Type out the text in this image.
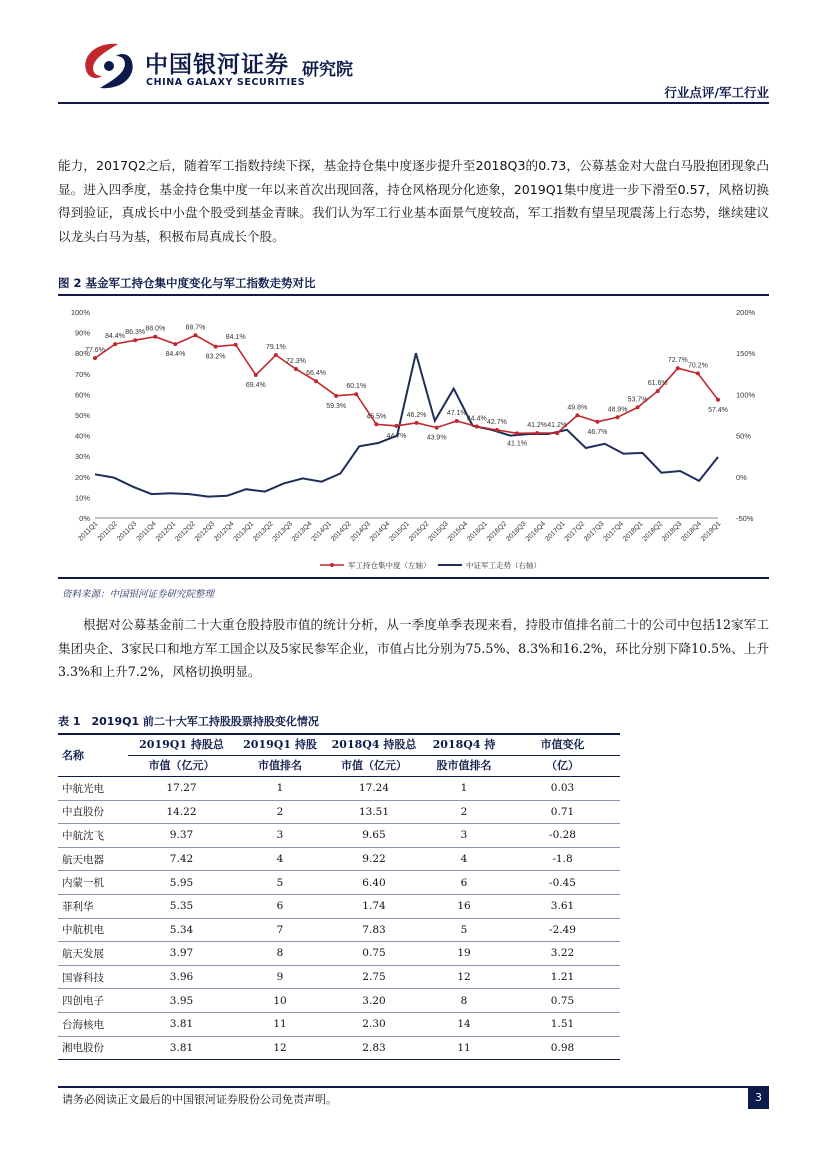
中国银河证券 研究院
CHINA GALAXY SECURITIES
行业点评/军工行业
能力，2017Q2之后，随着军工指数持续下探，基金持仓集中度逐步提升至2018Q3的0.73，公募基金对大盘白马股抱团现象凸显。进入四季度，基金持仓集中度一年以来首次出现回落，持仓风格现分化迹象，2019Q1集中度进一步下滑至0.57，风格切换得到验证，真成长中小盘个股受到基金青睐。我们认为军工行业基本面景气度较高，军工指数有望呈现震荡上行态势，继续建议以龙头白马为基，积极布局真成长个股。
图 2 基金军工持仓集中度变化与军工指数走势对比
0%
10%
20%
30%
40%
50%
60%
70%
80%
90%
100%
-50%
0%
50%
100%
150%
200%
2011Q1
2011Q2
2011Q3
2011Q4
2012Q1
2012Q2
2012Q3
2012Q4
2013Q1
2013Q2
2013Q3
2013Q4
2014Q1
2014Q2
2014Q3
2014Q4
2015Q1
2015Q2
2015Q3
2015Q4
2016Q1
2016Q2
2016Q3
2016Q4
2017Q1
2017Q2
2017Q3
2017Q4
2018Q1
2018Q2
2018Q3
2018Q4
2019Q1
77.6%
84.4%
86.3%
88.0%
84.4%
88.7%
83.2%
84.1%
69.4%
79.1%
72.3%
66.4%
59.3%
60.1%
45.5%
44.7%
46.2%
43.9%
47.1%
44.4%
42.7%
41.1%
41.2% 41.2%
49.8%
46.7%
48.9%
53.7%
61.6%
72.7%
70.2%
57.4%
军工持仓集中度（左轴）	中证军工走势（右轴）
资料来源：中国银河证券研究院整理
根据对公募基金前二十大重仓股持股市值的统计分析，从一季度单季表现来看，持股市值排名前二十的公司中包括12家军工集团央企、3家民口和地方军工国企以及5家民参军企业，市值占比分别为75.5%、8.3%和16.2%，环比分别下降10.5%、上升3.3%和上升7.2%，风格切换明显。
表 1　2019Q1 前二十大军工持股股票持股变化情况
名称	2019Q1 持股总	2019Q1 持股	2018Q4 持股总	2018Q4 持	市值变化
	市值（亿元）	市值排名	市值（亿元）	股市值排名	（亿）
中航光电	17.27	1	17.24	1	0.03
中直股份	14.22	2	13.51	2	0.71
中航沈飞	9.37	3	9.65	3	-0.28
航天电器	7.42	4	9.22	4	-1.8
内蒙一机	5.95	5	6.40	6	-0.45
菲利华	5.35	6	1.74	16	3.61
中航机电	5.34	7	7.83	5	-2.49
航天发展	3.97	8	0.75	19	3.22
国睿科技	3.96	9	2.75	12	1.21
四创电子	3.95	10	3.20	8	0.75
台海核电	3.81	11	2.30	14	1.51
湘电股份	3.81	12	2.83	11	0.98
请务必阅读正文最后的中国银河证券股份公司免责声明。	3
